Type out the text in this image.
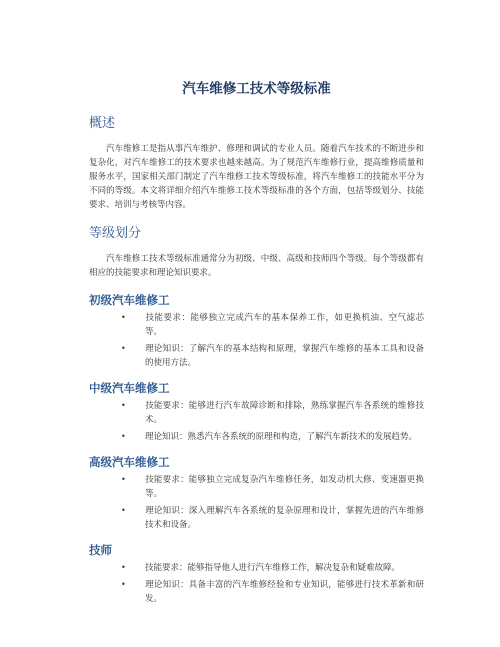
汽车维修工技术等级标准
概述

汽车维修工是指从事汽车维护、修理和调试的专业人员。随着汽车技术的不断进步和复杂化，对汽车维修工的技术要求也越来越高。为了规范汽车维修行业，提高维修质量和服务水平，国家相关部门制定了汽车维修工技术等级标准，将汽车维修工的技能水平分为不同的等级。本文将详细介绍汽车维修工技术等级标准的各个方面，包括等级划分、技能要求、培训与考核等内容。

等级划分

汽车维修工技术等级标准通常分为初级、中级、高级和技师四个等级。每个等级都有相应的技能要求和理论知识要求。

初级汽车维修工
• 技能要求：能够独立完成汽车的基本保养工作，如更换机油、空气滤芯等。
• 理论知识：了解汽车的基本结构和原理，掌握汽车维修的基本工具和设备的使用方法。
中级汽车维修工
• 技能要求：能够进行汽车故障诊断和排除，熟练掌握汽车各系统的维修技术。
• 理论知识：熟悉汽车各系统的原理和构造，了解汽车新技术的发展趋势。
高级汽车维修工
• 技能要求：能够独立完成复杂汽车维修任务，如发动机大修、变速器更换等。
• 理论知识：深入理解汽车各系统的复杂原理和设计，掌握先进的汽车维修技术和设备。
技师
• 技能要求：能够指导他人进行汽车维修工作，解决复杂和疑难故障。
• 理论知识：具备丰富的汽车维修经验和专业知识，能够进行技术革新和研发。
